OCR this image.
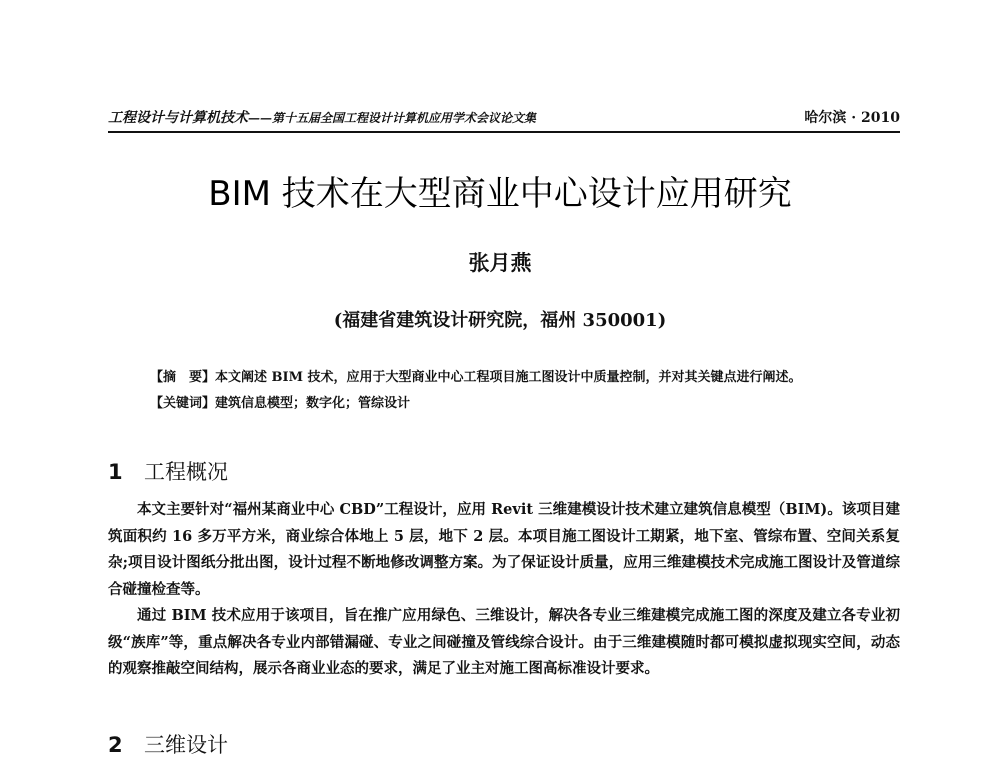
工程设计与计算机技术——第十五届全国工程设计计算机应用学术会议论文集	哈尔滨 · 2010
BIM 技术在大型商业中心设计应用研究
张月燕
(福建省建筑设计研究院，福州 350001)
【摘　要】本文阐述 BIM 技术，应用于大型商业中心工程项目施工图设计中质量控制，并对其关键点进行阐述。
【关键词】建筑信息模型；数字化；管综设计
1 工程概况

本文主要针对“福州某商业中心 CBD”工程设计，应用 Revit 三维建模设计技术建立建筑信息模型（BIM)。该项目建筑面积约 16 多万平方米，商业综合体地上 5 层，地下 2 层。本项目施工图设计工期紧，地下室、管综布置、空间关系复杂;项目设计图纸分批出图，设计过程不断地修改调整方案。为了保证设计质量，应用三维建模技术完成施工图设计及管道综合碰撞检查等。

通过 BIM 技术应用于该项目，旨在推广应用绿色、三维设计，解决各专业三维建模完成施工图的深度及建立各专业初级“族库”等，重点解决各专业内部错漏碰、专业之间碰撞及管线综合设计。由于三维建模随时都可模拟虚拟现实空间，动态的观察推敲空间结构，展示各商业业态的要求，满足了业主对施工图高标准设计要求。

2 三维设计
